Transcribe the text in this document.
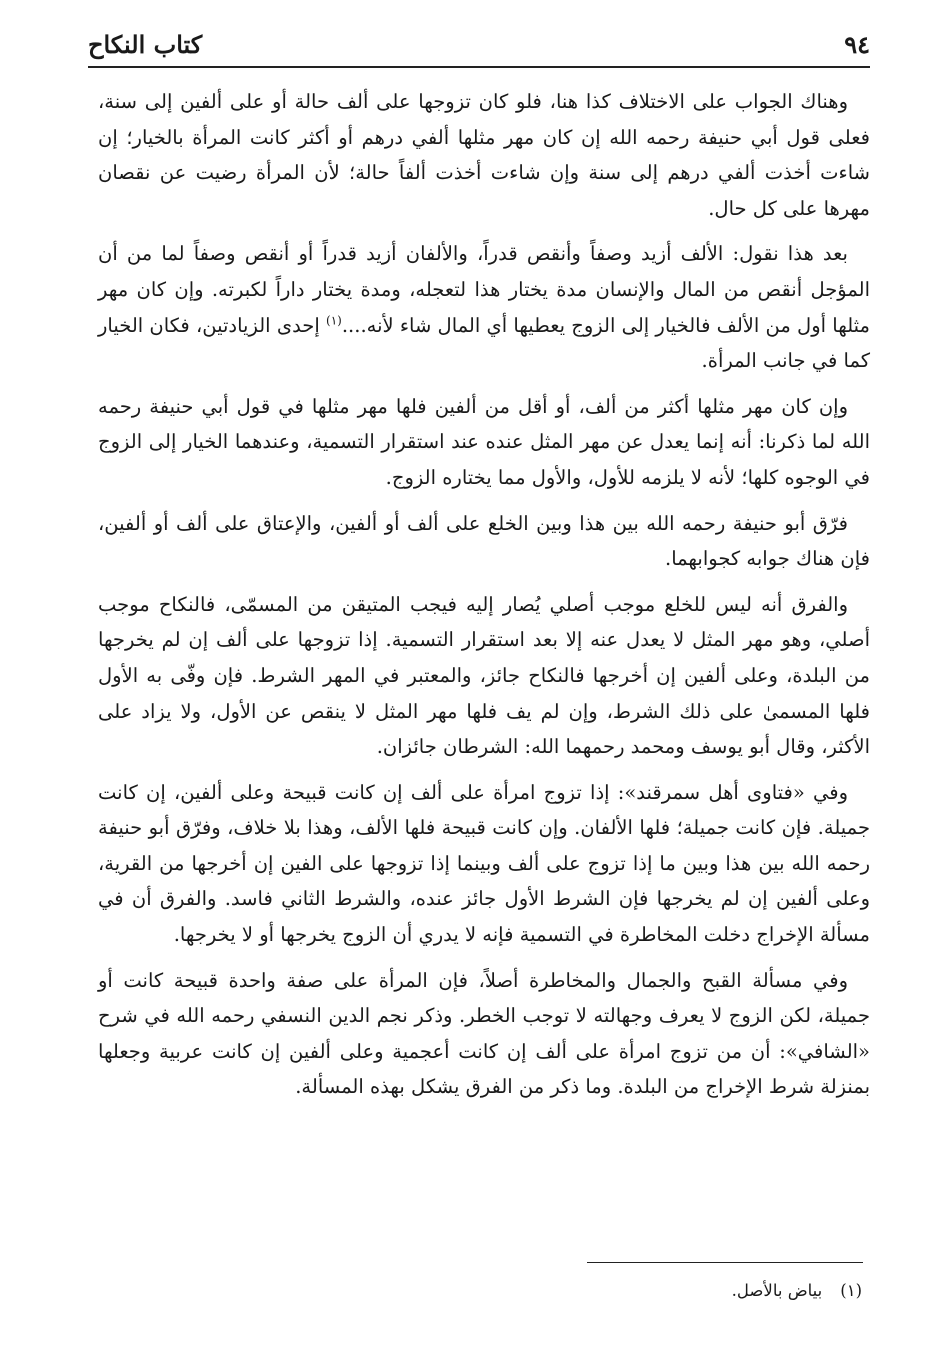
٩٤
كتاب النكاح

وهناك الجواب على الاختلاف كذا هنا، فلو كان تزوجها على ألف حالة أو على ألفين إلى سنة، فعلى قول أبي حنيفة رحمه الله إن كان مهر مثلها ألفي درهم أو أكثر كانت المرأة بالخيار؛ إن شاءت أخذت ألفي درهم إلى سنة وإن شاءت أخذت ألفاً حالة؛ لأن المرأة رضيت عن نقصان مهرها على كل حال.

بعد هذا نقول: الألف أزيد وصفاً وأنقص قدراً، والألفان أزيد قدراً أو أنقص وصفاً لما من أن المؤجل أنقص من المال والإنسان مدة يختار هذا لتعجله، ومدة يختار داراً لكبرته. وإن كان مهر مثلها أول من الألف فالخيار إلى الزوج يعطيها أي المال شاء لأنه....$^{(١)}$ إحدى الزيادتين، فكان الخيار كما في جانب المرأة.

وإن كان مهر مثلها أكثر من ألف، أو أقل من ألفين فلها مهر مثلها في قول أبي حنيفة رحمه الله لما ذكرنا: أنه إنما يعدل عن مهر المثل عنده عند استقرار التسمية، وعندهما الخيار إلى الزوج في الوجوه كلها؛ لأنه لا يلزمه للأول، والأول مما يختاره الزوج.

فرّق أبو حنيفة رحمه الله بين هذا وبين الخلع على ألف أو ألفين، والإعتاق على ألف أو ألفين، فإن هناك جوابه كجوابهما.

والفرق أنه ليس للخلع موجب أصلي يُصار إليه فيجب المتيقن من المسمّى، فالنكاح موجب أصلي، وهو مهر المثل لا يعدل عنه إلا بعد استقرار التسمية. إذا تزوجها على ألف إن لم يخرجها من البلدة، وعلى ألفين إن أخرجها فالنكاح جائز، والمعتبر في المهر الشرط. فإن وفّى به الأول فلها المسمىٰ على ذلك الشرط، وإن لم يف فلها مهر المثل لا ينقص عن الأول، ولا يزاد على الأكثر، وقال أبو يوسف ومحمد رحمهما الله: الشرطان جائزان.

وفي «فتاوى أهل سمرقند»: إذا تزوج امرأة على ألف إن كانت قبيحة وعلى ألفين، إن كانت جميلة. فإن كانت جميلة؛ فلها الألفان. وإن كانت قبيحة فلها الألف، وهذا بلا خلاف، وفرّق أبو حنيفة رحمه الله بين هذا وبين ما إذا تزوج على ألف وبينما إذا تزوجها على الفين إن أخرجها من القرية، وعلى ألفين إن لم يخرجها فإن الشرط الأول جائز عنده، والشرط الثاني فاسد. والفرق أن في مسألة الإخراج دخلت المخاطرة في التسمية فإنه لا يدري أن الزوج يخرجها أو لا يخرجها.

وفي مسألة القبح والجمال والمخاطرة أصلاً، فإن المرأة على صفة واحدة قبيحة كانت أو جميلة، لكن الزوج لا يعرف وجهالته لا توجب الخطر. وذكر نجم الدين النسفي رحمه الله في شرح «الشافي»: أن من تزوج امرأة على ألف إن كانت أعجمية وعلى ألفين إن كانت عربية وجعلها بمنزلة شرط الإخراج من البلدة. وما ذكر من الفرق يشكل بهذه المسألة.

(١)
بياض بالأصل.
